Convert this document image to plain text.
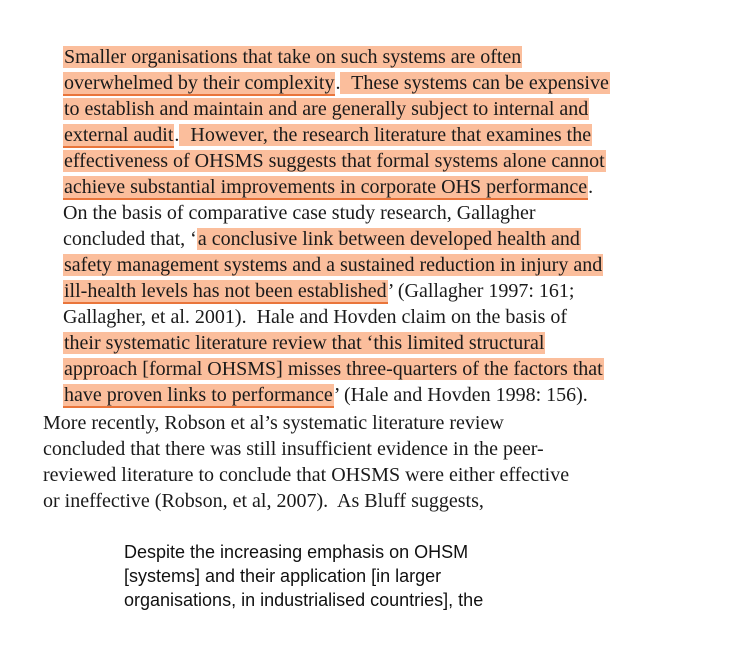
Smaller organisations that take on such systems are often

overwhelmed by their complexity.  These systems can be expensive

to establish and maintain and are generally subject to internal and

external audit.  However, the research literature that examines the

effectiveness of OHSMS suggests that formal systems alone cannot

achieve substantial improvements in corporate OHS performance.

On the basis of comparative case study research, Gallagher

concluded that, ‘a conclusive link between developed health and

safety management systems and a sustained reduction in injury and

ill-health levels has not been established’ (Gallagher 1997: 161;

Gallagher, et al. 2001).  Hale and Hovden claim on the basis of

their systematic literature review that ‘this limited structural

approach [formal OHSMS] misses three-quarters of the factors that

have proven links to performance’ (Hale and Hovden 1998: 156).

More recently, Robson et al’s systematic literature review
concluded that there was still insufficient evidence in the peer-
reviewed literature to conclude that OHSMS were either effective
or ineffective (Robson, et al, 2007).  As Bluff suggests,
Despite the increasing emphasis on OHSM
[systems] and their application [in larger
organisations, in industrialised countries], the
